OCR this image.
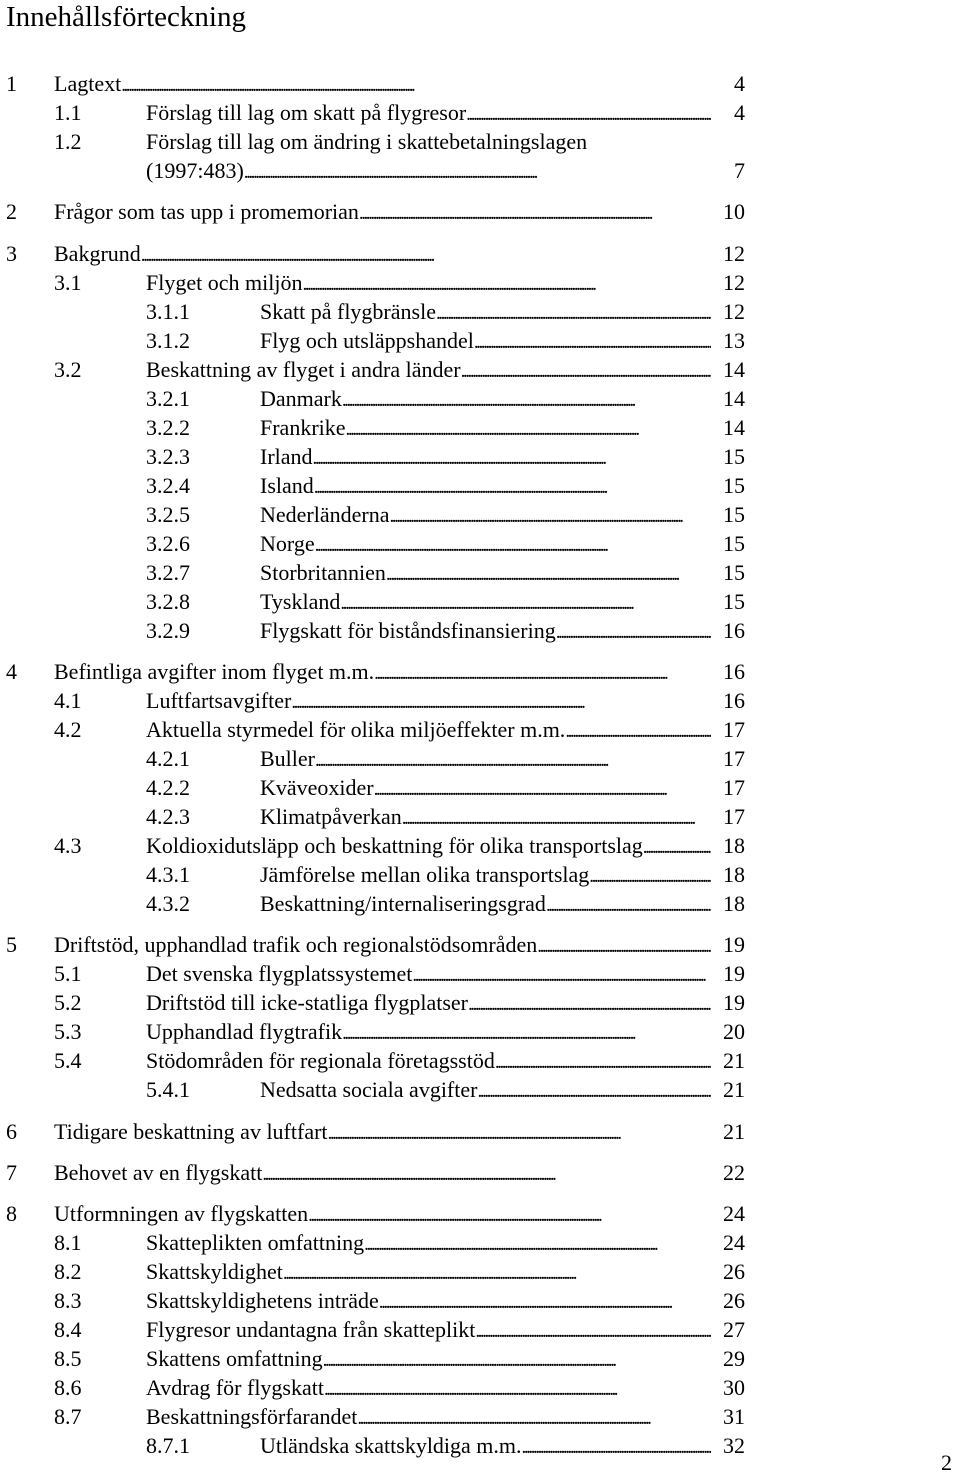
Innehållsförteckning
1 Lagtext . . .	4
1.1	Förslag till lag om skatt på flygresor . . .	4
1.2	Förslag till lag om ändring i skattebetalningslagen
(1997:483) . . .	7
2 Frågor som tas upp i promemorian . . .	10
3 Bakgrund . . .	12
3.1	Flyget och miljön . . .	12
3.1.1	Skatt på flygbränsle . . .	12
3.1.2	Flyg och utsläppshandel . . .	13
3.2	Beskattning av flyget i andra länder . . .	14
3.2.1	Danmark . . .	14
3.2.2	Frankrike . . .	14
3.2.3	Irland . . .	15
3.2.4	Island . . .	15
3.2.5	Nederländerna . . .	15
3.2.6	Norge . . .	15
3.2.7	Storbritannien . . .	15
3.2.8	Tyskland . . .	15
3.2.9	Flygskatt för biståndsfinansiering . . .	16
4 Befintliga avgifter inom flyget m.m. . . .	16
4.1	Luftfartsavgifter . . .	16
4.2	Aktuella styrmedel för olika miljöeffekter m.m. . . .	17
4.2.1	Buller . . .	17
4.2.2	Kväveoxider . . .	17
4.2.3	Klimatpåverkan . . .	17
4.3	Koldioxidutsläpp och beskattning för olika transportslag . . .	18
4.3.1	Jämförelse mellan olika transportslag . . .	18
4.3.2	Beskattning/internaliseringsgrad . . .	18
5 Driftstöd, upphandlad trafik och regionalstödsområden . . .	19
5.1	Det svenska flygplatssystemet . . .	19
5.2	Driftstöd till icke-statliga flygplatser . . .	19
5.3	Upphandlad flygtrafik . . .	20
5.4	Stödområden för regionala företagsstöd . . .	21
5.4.1	Nedsatta sociala avgifter . . .	21
6 Tidigare beskattning av luftfart . . .	21
7 Behovet av en flygskatt . . .	22
8 Utformningen av flygskatten . . .	24
8.1	Skatteplikten omfattning . . .	24
8.2	Skattskyldighet . . .	26
8.3	Skattskyldighetens inträde . . .	26
8.4	Flygresor undantagna från skatteplikt . . .	27
8.5	Skattens omfattning . . .	29
8.6	Avdrag för flygskatt . . .	30
8.7	Beskattningsförfarandet . . .	31
8.7.1	Utländska skattskyldiga m.m. . . .	32
2
